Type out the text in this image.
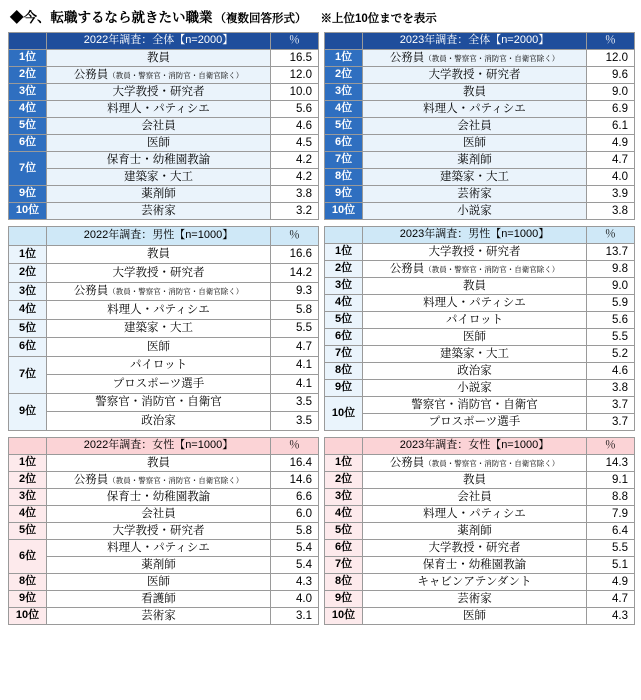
◆今、転職するなら就きたい職業 （複数回答形式） ※上位10位までを表示
	2022年調査：全体【n=2000】	％
1位	教員	16.5
2位	公務員（教員・警察官・消防官・自衛官除く）	12.0
3位	大学教授・研究者	10.0
4位	料理人・パティシエ	5.6
5位	会社員	4.6
6位	医師	4.5
7位	保育士・幼稚園教諭	4.2
	建築家・大工	4.2
9位	薬剤師	3.8
10位	芸術家	3.2
	2023年調査：全体【n=2000】	％
1位	公務員（教員・警察官・消防官・自衛官除く）	12.0
2位	大学教授・研究者	9.6
3位	教員	9.0
4位	料理人・パティシエ	6.9
5位	会社員	6.1
6位	医師	4.9
7位	薬剤師	4.7
8位	建築家・大工	4.0
9位	芸術家	3.9
10位	小説家	3.8
	2022年調査：男性【n=1000】	％
1位	教員	16.6
2位	大学教授・研究者	14.2
3位	公務員（教員・警察官・消防官・自衛官除く）	9.3
4位	料理人・パティシエ	5.8
5位	建築家・大工	5.5
6位	医師	4.7
7位	パイロット	4.1
	プロスポーツ選手	4.1
9位	警察官・消防官・自衛官	3.5
	政治家	3.5
	2023年調査：男性【n=1000】	％
1位	大学教授・研究者	13.7
2位	公務員（教員・警察官・消防官・自衛官除く）	9.8
3位	教員	9.0
4位	料理人・パティシエ	5.9
5位	パイロット	5.6
6位	医師	5.5
7位	建築家・大工	5.2
8位	政治家	4.6
9位	小説家	3.8
10位	警察官・消防官・自衛官	3.7
	プロスポーツ選手	3.7
	2022年調査：女性【n=1000】	％
1位	教員	16.4
2位	公務員（教員・警察官・消防官・自衛官除く）	14.6
3位	保育士・幼稚園教諭	6.6
4位	会社員	6.0
5位	大学教授・研究者	5.8
6位	料理人・パティシエ	5.4
	薬剤師	5.4
8位	医師	4.3
9位	看護師	4.0
10位	芸術家	3.1
	2023年調査：女性【n=1000】	％
1位	公務員（教員・警察官・消防官・自衛官除く）	14.3
2位	教員	9.1
3位	会社員	8.8
4位	料理人・パティシエ	7.9
5位	薬剤師	6.4
6位	大学教授・研究者	5.5
7位	保育士・幼稚園教諭	5.1
8位	キャビンアテンダント	4.9
9位	芸術家	4.7
10位	医師	4.3
